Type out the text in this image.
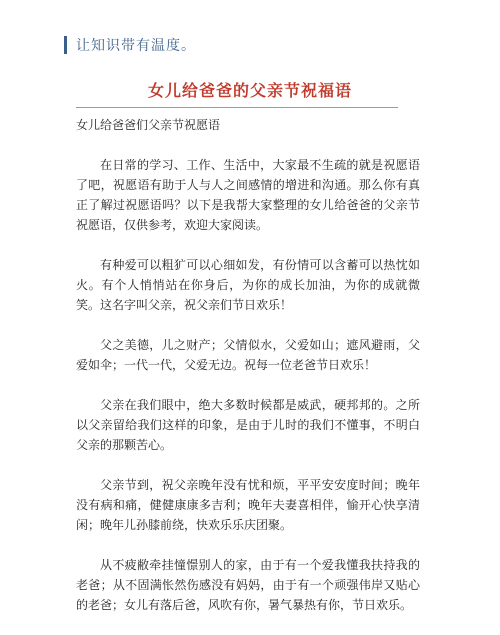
让知识带有温度。
女儿给爸爸的父亲节祝福语

女儿给爸爸们父亲节祝愿语

在日常的学习、工作、生活中，大家最不生疏的就是祝愿语了吧，祝愿语有助于人与人之间感情的增进和沟通。那么你有真正了解过祝愿语吗？以下是我帮大家整理的女儿给爸爸的父亲节祝愿语，仅供参考，欢迎大家阅读。

有种爱可以粗犷可以心细如发，有份情可以含蓄可以热忱如火。有个人悄悄站在你身后，为你的成长加油，为你的成就微笑。这名字叫父亲，祝父亲们节日欢乐！

父之美德，儿之财产；父情似水，父爱如山；遮风避雨，父爱如伞；一代一代，父爱无边。祝每一位老爸节日欢乐！

父亲在我们眼中，绝大多数时候都是威武，硬邦邦的。之所以父亲留给我们这样的印象，是由于儿时的我们不懂事，不明白父亲的那颗苦心。

父亲节到，祝父亲晚年没有忧和烦，平平安安度时间；晚年没有病和痛，健健康康多吉利；晚年夫妻喜相伴，愉开心快享清闲；晚年儿孙膝前绕，快欢乐乐庆团聚。

从不疲敝牵挂憧憬别人的家，由于有一个爱我懂我扶持我的老爸；从不固满怅然伤感没有妈妈，由于有一个顽强伟岸又贴心的老爸；女儿有落后爸，风吹有你，暑气暴热有你，节日欢乐。
